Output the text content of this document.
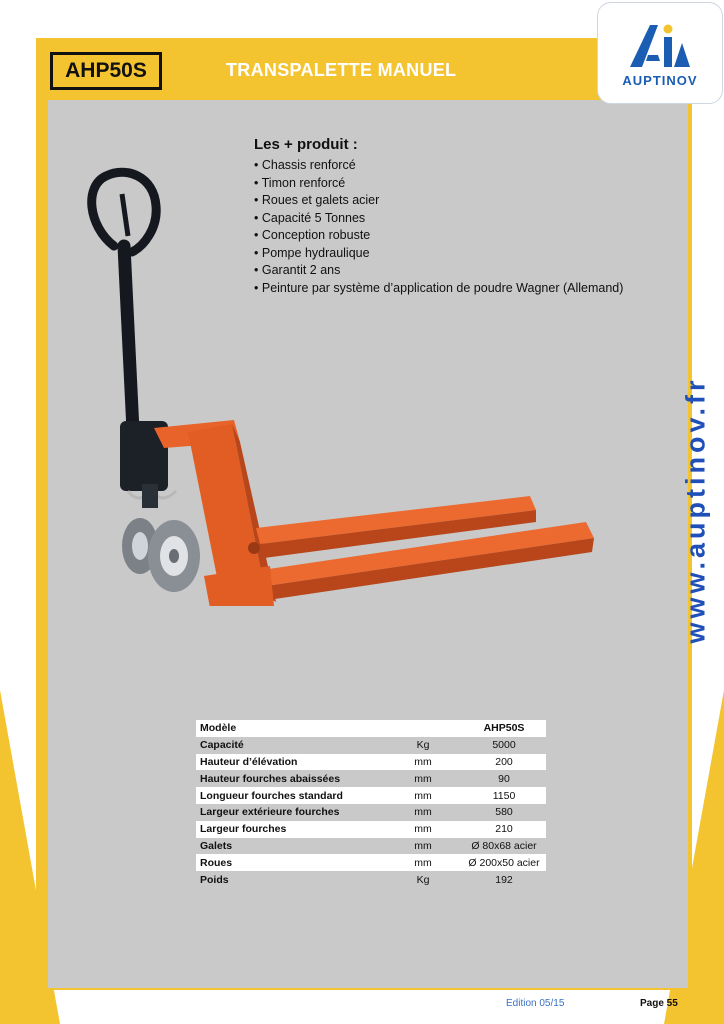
AHP50S	TRANSPALETTE MANUEL
AUPTINOV
Les + produit :
• Chassis renforcé
• Timon renforcé
• Roues et galets acier
• Capacité 5 Tonnes
• Conception robuste
• Pompe hydraulique
• Garantit 2 ans
• Peinture par système d’application de poudre Wagner (Allemand)
www.auptinov.fr
Modèle		AHP50S
Capacité	Kg	5000
Hauteur d’élévation	mm	200
Hauteur fourches abaissées	mm	90
Longueur fourches standard	mm	1150
Largeur extérieure fourches	mm	580
Largeur fourches	mm	210
Galets	mm	Ø 80x68 acier
Roues	mm	Ø 200x50 acier
Poids	Kg	192
Edition 05/15	Page 55
